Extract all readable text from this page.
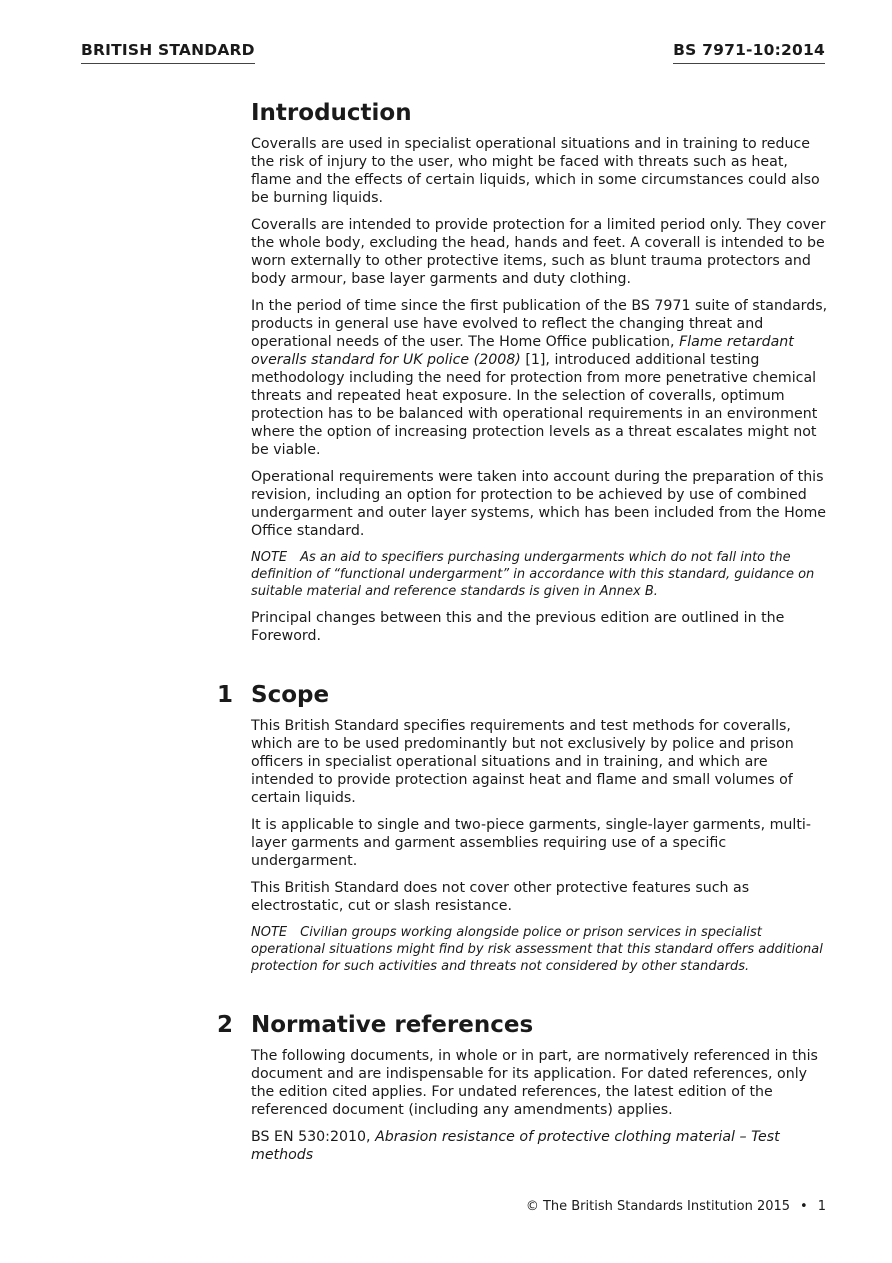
BRITISH STANDARD	BS 7971-10:2014
Introduction

Coveralls are used in specialist operational situations and in training to reduce the risk of injury to the user, who might be faced with threats such as heat, flame and the effects of certain liquids, which in some circumstances could also be burning liquids.

Coveralls are intended to provide protection for a limited period only. They cover the whole body, excluding the head, hands and feet. A coverall is intended to be worn externally to other protective items, such as blunt trauma protectors and body armour, base layer garments and duty clothing.

In the period of time since the first publication of the BS 7971 suite of standards, products in general use have evolved to reflect the changing threat and operational needs of the user. The Home Office publication, Flame retardant overalls standard for UK police (2008) [1], introduced additional testing methodology including the need for protection from more penetrative chemical threats and repeated heat exposure. In the selection of coveralls, optimum protection has to be balanced with operational requirements in an environment where the option of increasing protection levels as a threat escalates might not be viable.

Operational requirements were taken into account during the preparation of this revision, including an option for protection to be achieved by use of combined undergarment and outer layer systems, which has been included from the Home Office standard.

NOTE As an aid to specifiers purchasing undergarments which do not fall into the definition of “functional undergarment” in accordance with this standard, guidance on suitable material and reference standards is given in Annex B.

Principal changes between this and the previous edition are outlined in the Foreword.

1 Scope

This British Standard specifies requirements and test methods for coveralls, which are to be used predominantly but not exclusively by police and prison officers in specialist operational situations and in training, and which are intended to provide protection against heat and flame and small volumes of certain liquids.

It is applicable to single and two-piece garments, single-layer garments, multi-layer garments and garment assemblies requiring use of a specific undergarment.

This British Standard does not cover other protective features such as electrostatic, cut or slash resistance.

NOTE Civilian groups working alongside police or prison services in specialist operational situations might find by risk assessment that this standard offers additional protection for such activities and threats not considered by other standards.

2 Normative references

The following documents, in whole or in part, are normatively referenced in this document and are indispensable for its application. For dated references, only the edition cited applies. For undated references, the latest edition of the referenced document (including any amendments) applies.

BS EN 530:2010, Abrasion resistance of protective clothing material – Test methods

© The British Standards Institution 2015 • 1
